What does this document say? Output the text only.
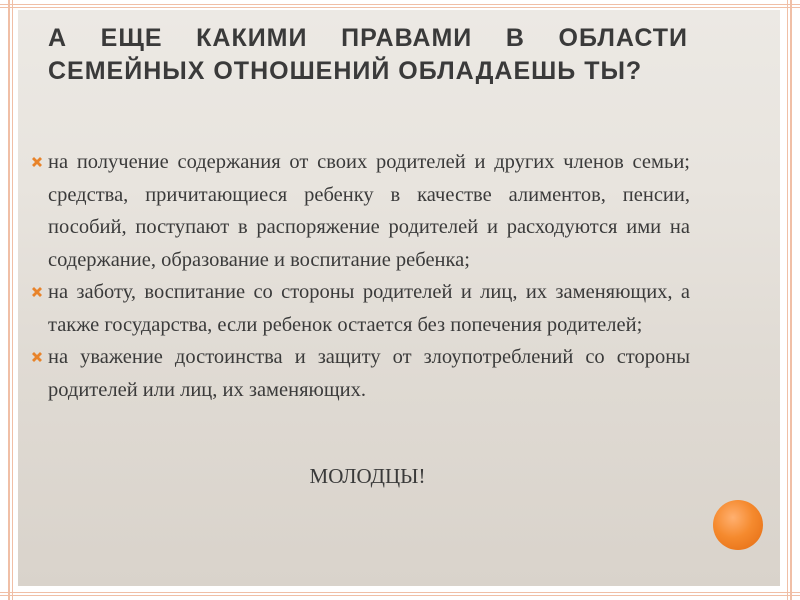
А ЕЩЕ КАКИМИ ПРАВАМИ В ОБЛАСТИ СЕМЕЙНЫХ ОТНОШЕНИЙ ОБЛАДАЕШЬ ТЫ?
на получение содержания от своих родителей и других членов семьи; средства, причитающиеся ребенку в качестве алиментов, пенсии, пособий, поступают в распоряжение родителей и расходуются ими на содержание, образование и воспитание ребенка;
на заботу, воспитание со стороны родителей и лиц, их заменяющих, а также государства, если ребенок остается без попечения родителей;
на уважение достоинства и защиту от злоупотреблений со стороны родителей или лиц, их заменяющих.

МОЛОДЦЫ!
